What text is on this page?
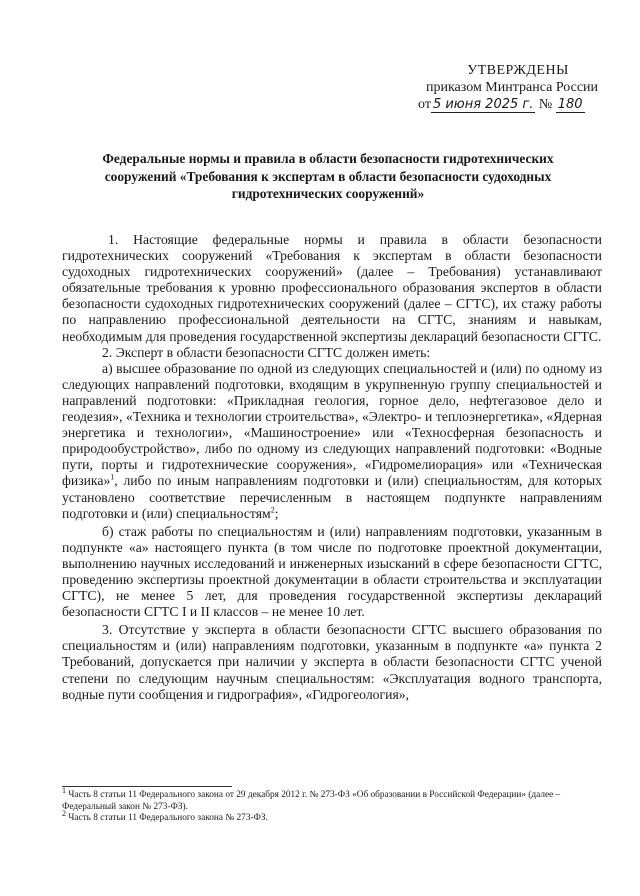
УТВЕРЖДЕНЫ
приказом Минтранса России
от 5 июня 2025 г. № 180
Федеральные нормы и правила в области безопасности гидротехнических сооружений «Требования к экспертам в области безопасности судоходных гидротехнических сооружений»

1. Настоящие федеральные нормы и правила в области безопасности гидротехнических сооружений «Требования к экспертам в области безопасности судоходных гидротехнических сооружений» (далее – Требования) устанавливают обязательные требования к уровню профессионального образования экспертов в области безопасности судоходных гидротехнических сооружений (далее – СГТС), их стажу работы по направлению профессиональной деятельности на СГТС, знаниям и навыкам, необходимым для проведения государственной экспертизы деклараций безопасности СГТС.

2. Эксперт в области безопасности СГТС должен иметь:

а) высшее образование по одной из следующих специальностей и (или) по одному из следующих направлений подготовки, входящим в укрупненную группу специальностей и направлений подготовки: «Прикладная геология, горное дело, нефтегазовое дело и геодезия», «Техника и технологии строительства», «Электро- и теплоэнергетика», «Ядерная энергетика и технологии», «Машиностроение» или «Техносферная безопасность и природообустройство», либо по одному из следующих направлений подготовки: «Водные пути, порты и гидротехнические сооружения», «Гидромелиорация» или «Техническая физика»$^1$, либо по иным направлениям подготовки и (или) специальностям, для которых установлено соответствие перечисленным в настоящем подпункте направлениям подготовки и (или) специальностям$^2$;

б) стаж работы по специальностям и (или) направлениям подготовки, указанным в подпункте «а» настоящего пункта (в том числе по подготовке проектной документации, выполнению научных исследований и инженерных изысканий в сфере безопасности СГТС, проведению экспертизы проектной документации в области строительства и эксплуатации СГТС), не менее 5 лет, для проведения государственной экспертизы деклараций безопасности СГТС I и II классов – не менее 10 лет.

3. Отсутствие у эксперта в области безопасности СГТС высшего образования по специальностям и (или) направлениям подготовки, указанным в подпункте «а» пункта 2 Требований, допускается при наличии у эксперта в области безопасности СГТС ученой степени по следующим научным специальностям: «Эксплуатация водного транспорта, водные пути сообщения и гидрография», «Гидрогеология»,

$^1$ Часть 8 статьи 11 Федерального закона от 29 декабря 2012 г. № 273-ФЗ «Об образовании в Российской Федерации» (далее – Федеральный закон № 273-ФЗ).

$^2$ Часть 8 статьи 11 Федерального закона № 273-ФЗ.
